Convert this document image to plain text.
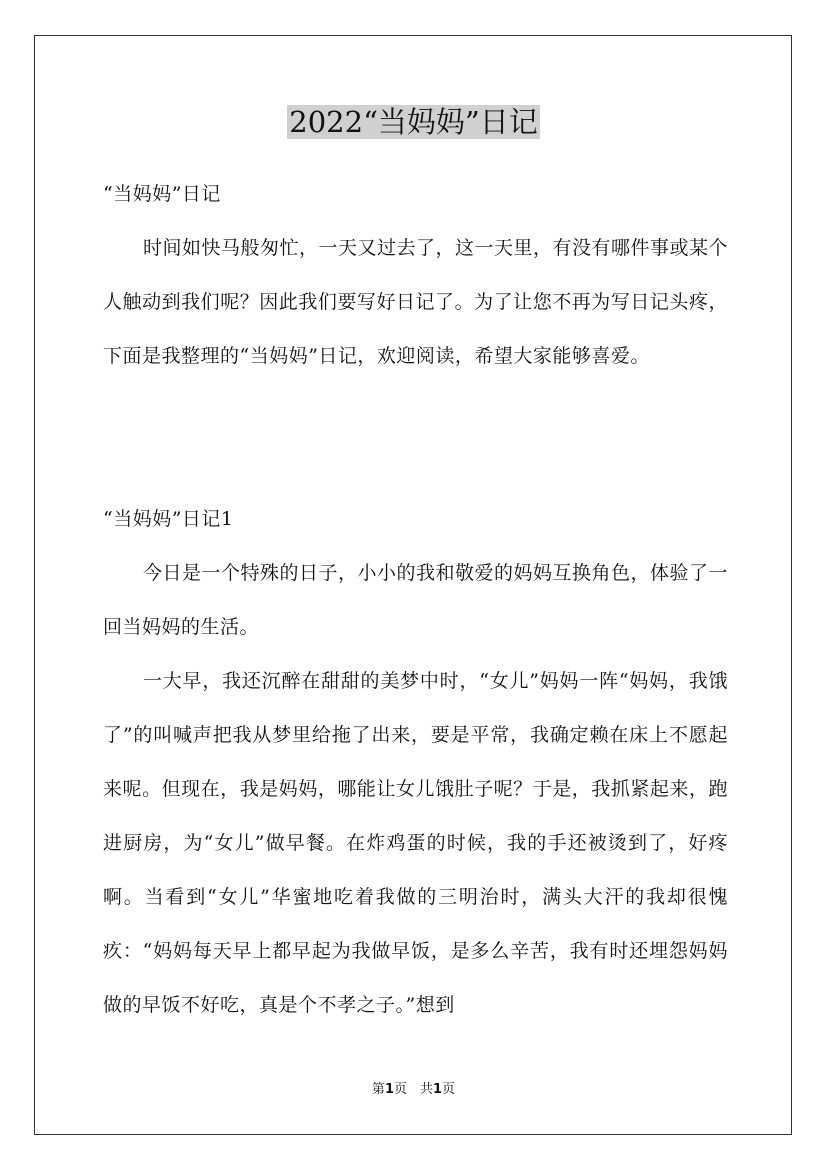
2022“当妈妈”日记

“当妈妈”日记

时间如快马般匆忙，一天又过去了，这一天里，有没有哪件事或某个人触动到我们呢？因此我们要写好日记了。为了让您不再为写日记头疼，下面是我整理的“当妈妈”日记，欢迎阅读，希望大家能够喜爱。

“当妈妈”日记1

今日是一个特殊的日子，小小的我和敬爱的妈妈互换角色，体验了一回当妈妈的生活。

一大早，我还沉醉在甜甜的美梦中时，“女儿”妈妈一阵“妈妈，我饿了”的叫喊声把我从梦里给拖了出来，要是平常，我确定赖在床上不愿起来呢。但现在，我是妈妈，哪能让女儿饿肚子呢？于是，我抓紧起来，跑进厨房，为“女儿”做早餐。在炸鸡蛋的时候，我的手还被烫到了，好疼啊。当看到“女儿”华蜜地吃着我做的三明治时，满头大汗的我却很愧疚：“妈妈每天早上都早起为我做早饭，是多么辛苦，我有时还埋怨妈妈做的早饭不好吃，真是个不孝之子。”想到

第1页　共1页
